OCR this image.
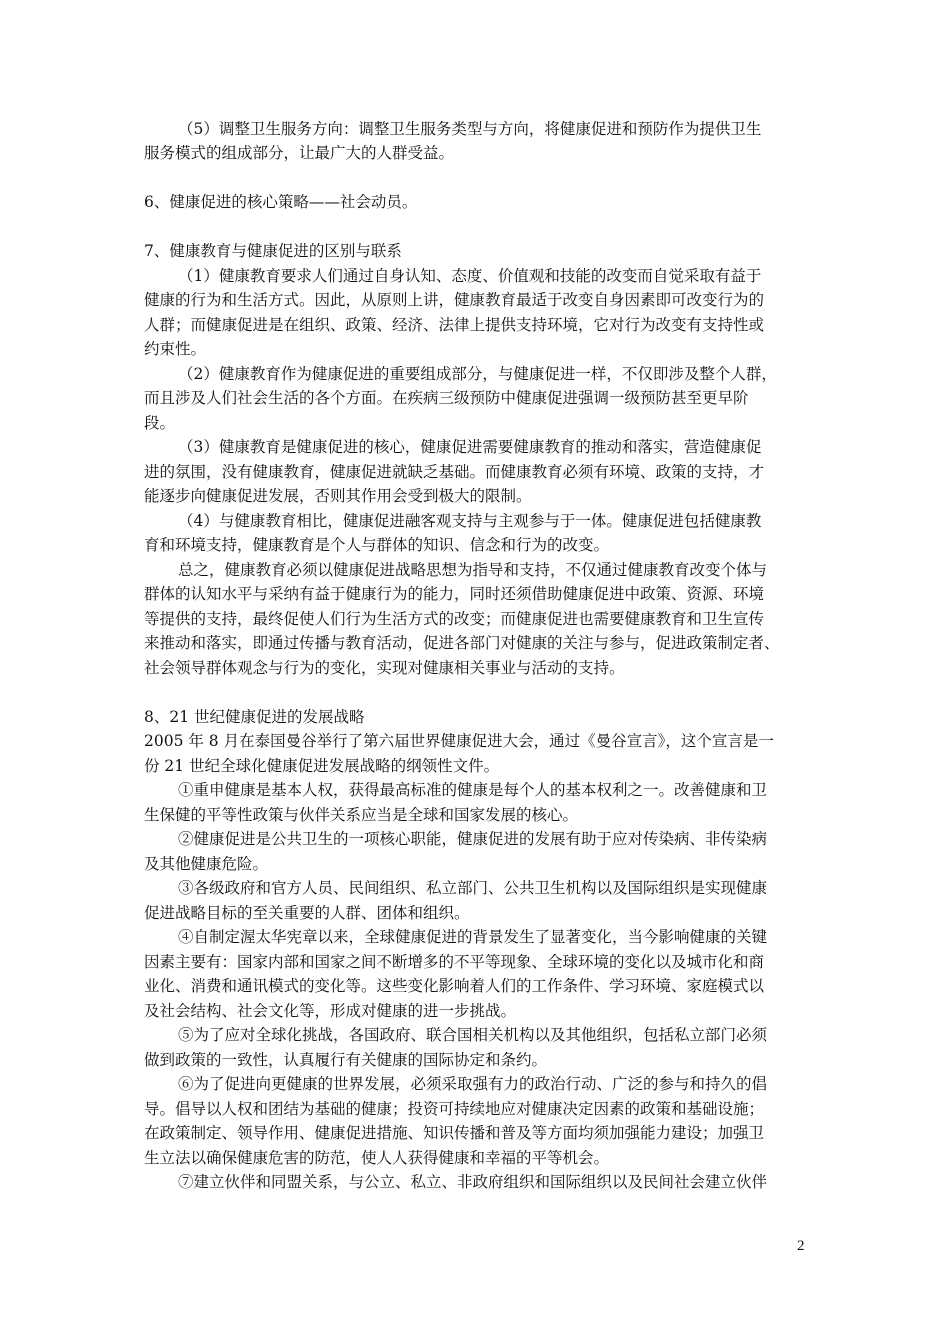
（5）调整卫生服务方向：调整卫生服务类型与方向，将健康促进和预防作为提供卫生
服务模式的组成部分，让最广大的人群受益。
6、健康促进的核心策略——社会动员。
7、健康教育与健康促进的区别与联系
（1）健康教育要求人们通过自身认知、态度、价值观和技能的改变而自觉采取有益于
健康的行为和生活方式。因此，从原则上讲，健康教育最适于改变自身因素即可改变行为的
人群；而健康促进是在组织、政策、经济、法律上提供支持环境，它对行为改变有支持性或
约束性。
（2）健康教育作为健康促进的重要组成部分，与健康促进一样，不仅即涉及整个人群，
而且涉及人们社会生活的各个方面。在疾病三级预防中健康促进强调一级预防甚至更早阶
段。
（3）健康教育是健康促进的核心，健康促进需要健康教育的推动和落实，营造健康促
进的氛围，没有健康教育，健康促进就缺乏基础。而健康教育必须有环境、政策的支持，才
能逐步向健康促进发展，否则其作用会受到极大的限制。
（4）与健康教育相比，健康促进融客观支持与主观参与于一体。健康促进包括健康教
育和环境支持，健康教育是个人与群体的知识、信念和行为的改变。
总之，健康教育必须以健康促进战略思想为指导和支持，不仅通过健康教育改变个体与
群体的认知水平与采纳有益于健康行为的能力，同时还须借助健康促进中政策、资源、环境
等提供的支持，最终促使人们行为生活方式的改变；而健康促进也需要健康教育和卫生宣传
来推动和落实，即通过传播与教育活动，促进各部门对健康的关注与参与，促进政策制定者、
社会领导群体观念与行为的变化，实现对健康相关事业与活动的支持。
8、21 世纪健康促进的发展战略
2005 年 8 月在泰国曼谷举行了第六届世界健康促进大会，通过《曼谷宣言》，这个宣言是一
份 21 世纪全球化健康促进发展战略的纲领性文件。
①重申健康是基本人权，获得最高标准的健康是每个人的基本权利之一。改善健康和卫
生保健的平等性政策与伙伴关系应当是全球和国家发展的核心。
②健康促进是公共卫生的一项核心职能，健康促进的发展有助于应对传染病、非传染病
及其他健康危险。
③各级政府和官方人员、民间组织、私立部门、公共卫生机构以及国际组织是实现健康
促进战略目标的至关重要的人群、团体和组织。
④自制定渥太华宪章以来，全球健康促进的背景发生了显著变化，当今影响健康的关键
因素主要有：国家内部和国家之间不断增多的不平等现象、全球环境的变化以及城市化和商
业化、消费和通讯模式的变化等。这些变化影响着人们的工作条件、学习环境、家庭模式以
及社会结构、社会文化等，形成对健康的进一步挑战。
⑤为了应对全球化挑战，各国政府、联合国相关机构以及其他组织，包括私立部门必须
做到政策的一致性，认真履行有关健康的国际协定和条约。
⑥为了促进向更健康的世界发展，必须采取强有力的政治行动、广泛的参与和持久的倡
导。倡导以人权和团结为基础的健康；投资可持续地应对健康决定因素的政策和基础设施；
在政策制定、领导作用、健康促进措施、知识传播和普及等方面均须加强能力建设；加强卫
生立法以确保健康危害的防范，使人人获得健康和幸福的平等机会。
⑦建立伙伴和同盟关系，与公立、私立、非政府组织和国际组织以及民间社会建立伙伴
2
